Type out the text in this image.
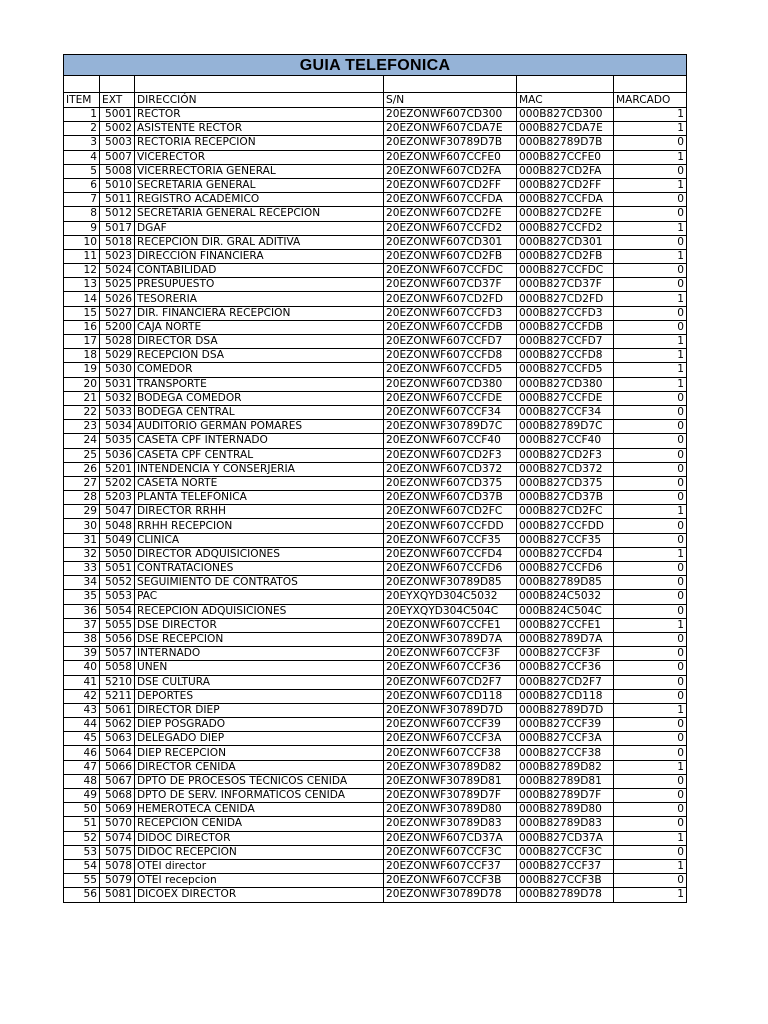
GUIA TELEFONICA					

ITEM	EXT	DIRECCIÓN	S/N	MAC	MARCADO
1	5001	RECTOR	20EZONWF607CD300	000B827CD300	1
2	5002	ASISTENTE RECTOR	20EZONWF607CDA7E	000B827CDA7E	1
3	5003	RECTORIA RECEPCION	20EZONWF30789D7B	000B82789D7B	0
4	5007	VICERECTOR	20EZONWF607CCFE0	000B827CCFE0	1
5	5008	VICERRECTORIA GENERAL	20EZONWF607CD2FA	000B827CD2FA	0
6	5010	SECRETARIA GENERAL	20EZONWF607CD2FF	000B827CD2FF	1
7	5011	REGISTRO ACADÉMICO	20EZONWF607CCFDA	000B827CCFDA	0
8	5012	SECRETARIA GENERAL RECEPCION	20EZONWF607CD2FE	000B827CD2FE	0
9	5017	DGAF	20EZONWF607CCFD2	000B827CCFD2	1
10	5018	RECEPCIÓN DIR. GRAL ADITIVA	20EZONWF607CD301	000B827CD301	0
11	5023	DIRECCIÓN FINANCIERA	20EZONWF607CD2FB	000B827CD2FB	1
12	5024	CONTABILIDAD	20EZONWF607CCFDC	000B827CCFDC	0
13	5025	PRESUPUESTO	20EZONWF607CD37F	000B827CD37F	0
14	5026	TESORERIA	20EZONWF607CD2FD	000B827CD2FD	1
15	5027	DIR. FINANCIERA RECEPCION	20EZONWF607CCFD3	000B827CCFD3	0
16	5200	CAJA NORTE	20EZONWF607CCFDB	000B827CCFDB	0
17	5028	DIRECTOR DSA	20EZONWF607CCFD7	000B827CCFD7	1
18	5029	RECEPCIÓN DSA	20EZONWF607CCFD8	000B827CCFD8	1
19	5030	COMEDOR	20EZONWF607CCFD5	000B827CCFD5	1
20	5031	TRANSPORTE	20EZONWF607CD380	000B827CD380	1
21	5032	BODEGA COMEDOR	20EZONWF607CCFDE	000B827CCFDE	0
22	5033	BODEGA CENTRAL	20EZONWF607CCF34	000B827CCF34	0
23	5034	AUDITORIO GERMÁN POMARES	20EZONWF30789D7C	000B82789D7C	0
24	5035	CASETA CPF INTERNADO	20EZONWF607CCF40	000B827CCF40	0
25	5036	CASETA CPF CENTRAL	20EZONWF607CD2F3	000B827CD2F3	0
26	5201	INTENDENCIA Y CONSERJERIA	20EZONWF607CD372	000B827CD372	0
27	5202	CASETA NORTE	20EZONWF607CD375	000B827CD375	0
28	5203	PLANTA TELEFÓNICA	20EZONWF607CD37B	000B827CD37B	0
29	5047	DIRECTOR RRHH	20EZONWF607CD2FC	000B827CD2FC	1
30	5048	RRHH RECEPCION	20EZONWF607CCFDD	000B827CCFDD	0
31	5049	CLINICA	20EZONWF607CCF35	000B827CCF35	0
32	5050	DIRECTOR ADQUISICIONES	20EZONWF607CCFD4	000B827CCFD4	1
33	5051	CONTRATACIONES	20EZONWF607CCFD6	000B827CCFD6	0
34	5052	SEGUIMIENTO DE CONTRATOS	20EZONWF30789D85	000B82789D85	0
35	5053	PAC	20EYXQYD304C5032	000B824C5032	0
36	5054	RECEPCION ADQUISICIONES	20EYXQYD304C504C	000B824C504C	0
37	5055	DSE DIRECTOR	20EZONWF607CCFE1	000B827CCFE1	1
38	5056	DSE RECEPCION	20EZONWF30789D7A	000B82789D7A	0
39	5057	INTERNADO	20EZONWF607CCF3F	000B827CCF3F	0
40	5058	UNEN	20EZONWF607CCF36	000B827CCF36	0
41	5210	DSE CULTURA	20EZONWF607CD2F7	000B827CD2F7	0
42	5211	DEPORTES	20EZONWF607CD118	000B827CD118	0
43	5061	DIRECTOR DIEP	20EZONWF30789D7D	000B82789D7D	1
44	5062	DIEP POSGRADO	20EZONWF607CCF39	000B827CCF39	0
45	5063	DELEGADO DIEP	20EZONWF607CCF3A	000B827CCF3A	0
46	5064	DIEP RECEPCION	20EZONWF607CCF38	000B827CCF38	0
47	5066	DIRECTOR CENIDA	20EZONWF30789D82	000B82789D82	1
48	5067	DPTO DE PROCESOS TÉCNICOS CENIDA	20EZONWF30789D81	000B82789D81	0
49	5068	DPTO DE SERV. INFORMATICOS CENIDA	20EZONWF30789D7F	000B82789D7F	0
50	5069	HEMEROTECA CENIDA	20EZONWF30789D80	000B82789D80	0
51	5070	RECEPCIÓN CENIDA	20EZONWF30789D83	000B82789D83	0
52	5074	DIDOC DIRECTOR	20EZONWF607CD37A	000B827CD37A	1
53	5075	DIDOC RECEPCION	20EZONWF607CCF3C	000B827CCF3C	0
54	5078	OTEI director	20EZONWF607CCF37	000B827CCF37	1
55	5079	OTEI recepcion	20EZONWF607CCF3B	000B827CCF3B	0
56	5081	DICOEX DIRECTOR	20EZONWF30789D78	000B82789D78	1
